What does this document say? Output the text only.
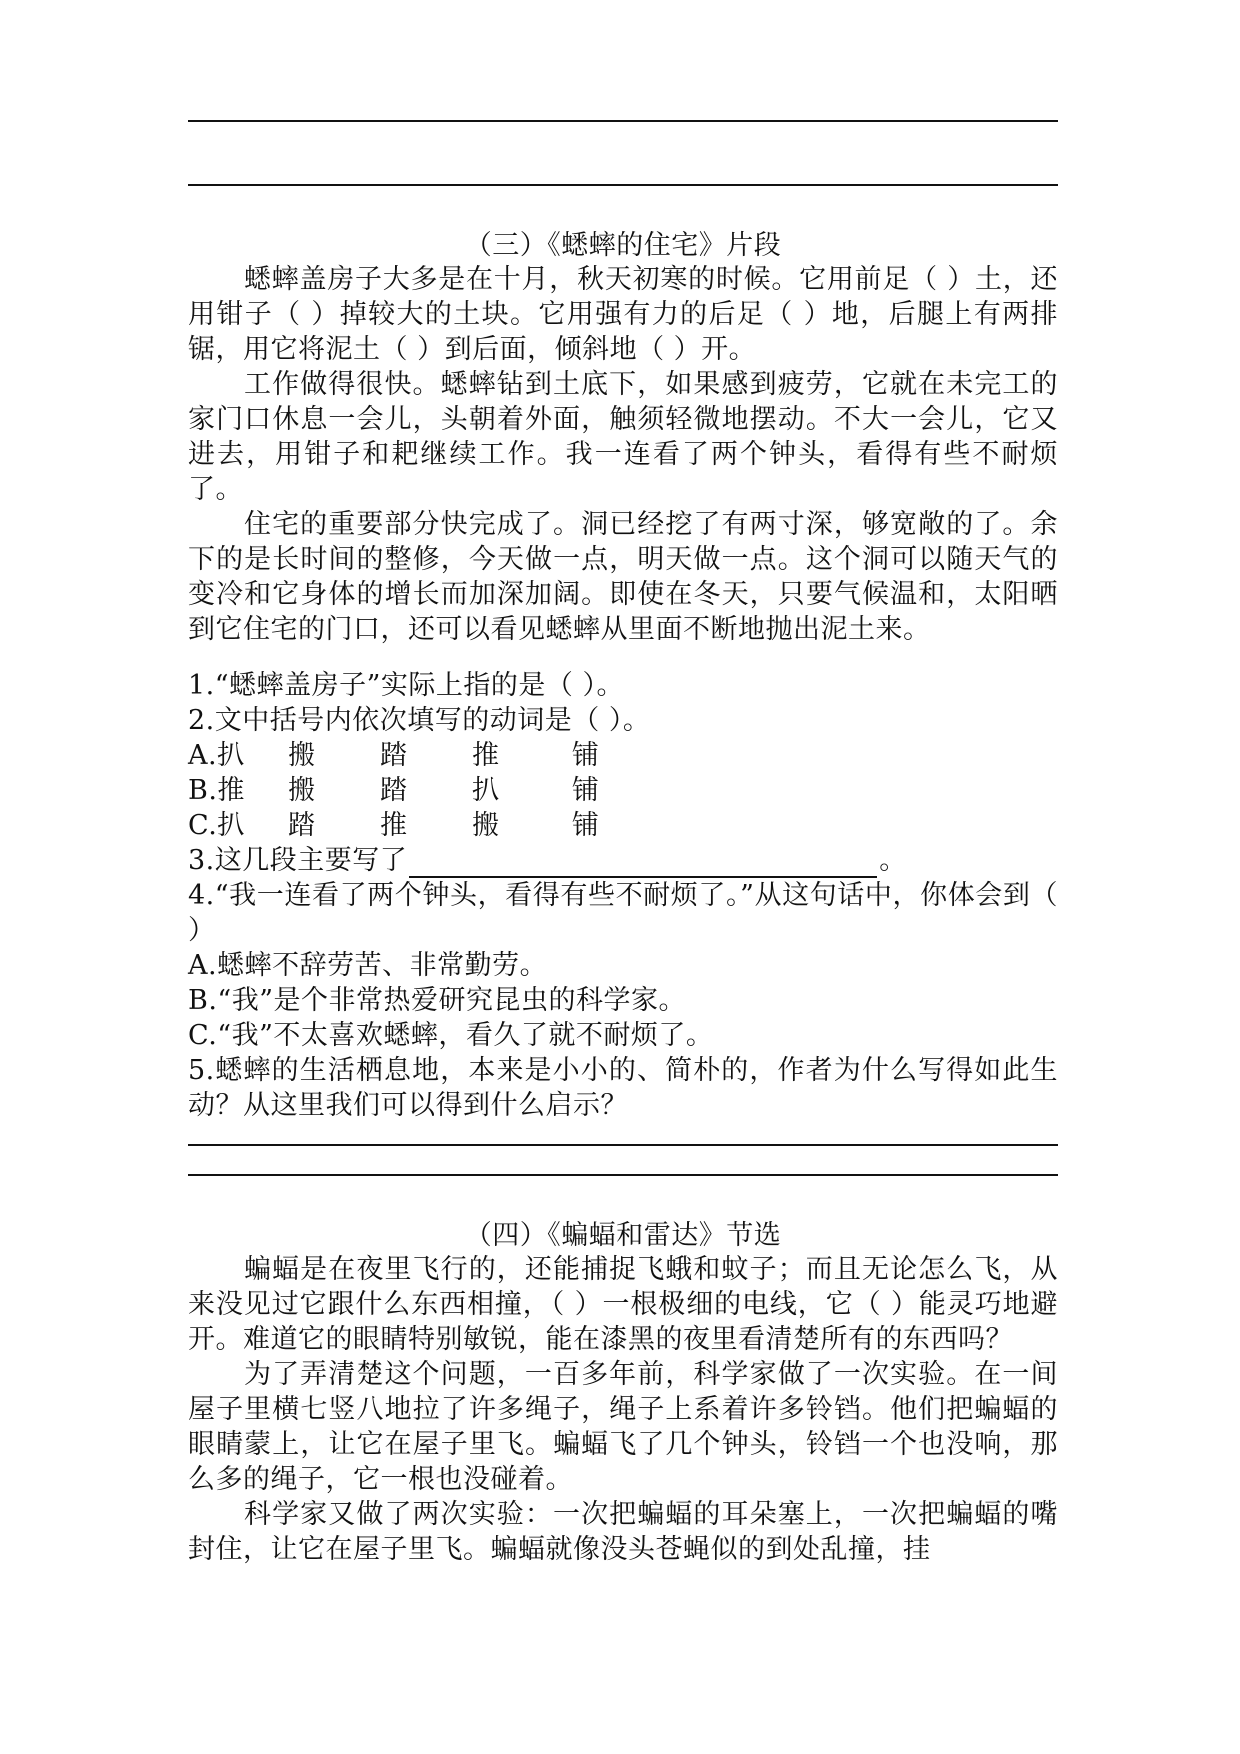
（三）《蟋蟀的住宅》片段

蟋蟀盖房子大多是在十月，秋天初寒的时候。它用前足（ ）土，还用钳子（ ）掉较大的土块。它用强有力的后足（ ）地，后腿上有两排锯，用它将泥土（ ）到后面，倾斜地（ ）开。

工作做得很快。蟋蟀钻到土底下，如果感到疲劳，它就在未完工的家门口休息一会儿，头朝着外面，触须轻微地摆动。不大一会儿，它又进去，用钳子和耙继续工作。我一连看了两个钟头，看得有些不耐烦了。

住宅的重要部分快完成了。洞已经挖了有两寸深，够宽敞的了。余下的是长时间的整修，今天做一点，明天做一点。这个洞可以随天气的变冷和它身体的增长而加深加阔。即使在冬天，只要气候温和，太阳晒到它住宅的门口，还可以看见蟋蟀从里面不断地抛出泥土来。

1.“蟋蟀盖房子”实际上指的是（ ）。

2.文中括号内依次填写的动词是（ ）。

A.扒	搬	踏	推	铺

B.推	搬	踏	扒	铺

C.扒	踏	推	搬	铺

3.这几段主要写了	。

4.“我一连看了两个钟头，看得有些不耐烦了。”从这句话中，你体会到（ ）

A.蟋蟀不辞劳苦、非常勤劳。

B.“我”是个非常热爱研究昆虫的科学家。

C.“我”不太喜欢蟋蟀，看久了就不耐烦了。

5.蟋蟀的生活栖息地，本来是小小的、简朴的，作者为什么写得如此生动？从这里我们可以得到什么启示？

（四）《蝙蝠和雷达》节选

蝙蝠是在夜里飞行的，还能捕捉飞蛾和蚊子；而且无论怎么飞，从来没见过它跟什么东西相撞，（ ）一根极细的电线，它（ ）能灵巧地避开。难道它的眼睛特别敏锐，能在漆黑的夜里看清楚所有的东西吗？

为了弄清楚这个问题，一百多年前，科学家做了一次实验。在一间屋子里横七竖八地拉了许多绳子，绳子上系着许多铃铛。他们把蝙蝠的眼睛蒙上，让它在屋子里飞。蝙蝠飞了几个钟头，铃铛一个也没响，那么多的绳子，它一根也没碰着。

科学家又做了两次实验：一次把蝙蝠的耳朵塞上，一次把蝙蝠的嘴封住，让它在屋子里飞。蝙蝠就像没头苍蝇似的到处乱撞，挂
